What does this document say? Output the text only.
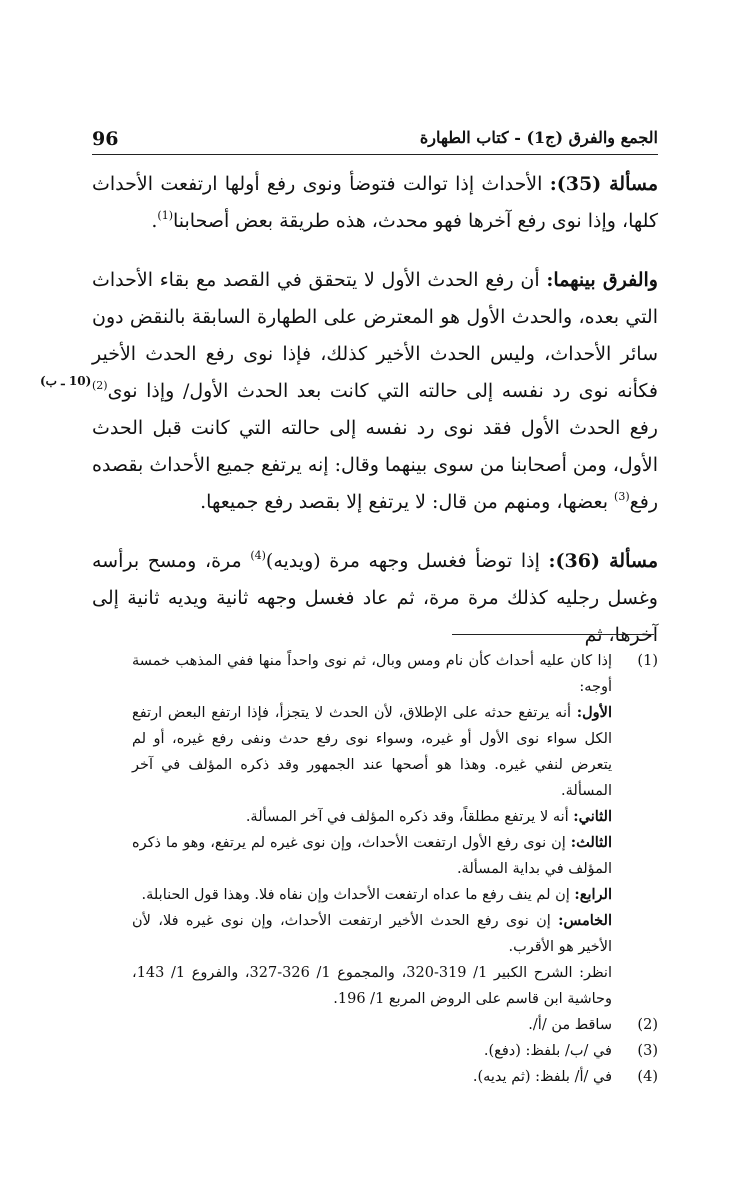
96	الجمع والفرق (ج1) - كتاب الطهارة
(10 ـ ب)

مسألة (35): الأحداث إذا توالت فتوضأ ونوى رفع أولها ارتفعت الأحداث كلها، وإذا نوى رفع آخرها فهو محدث، هذه طريقة بعض أصحابنا$^{(1)}$.

والفرق بينهما: أن رفع الحدث الأول لا يتحقق في القصد مع بقاء الأحداث التي بعده، والحدث الأول هو المعترض على الطهارة السابقة بالنقض دون سائر الأحداث، وليس الحدث الأخير كذلك، فإذا نوى رفع الحدث الأخير فكأنه نوى رد نفسه إلى حالته التي كانت بعد الحدث الأول/ وإذا نوى$^{(2)}$ رفع الحدث الأول فقد نوى رد نفسه إلى حالته التي كانت قبل الحدث الأول، ومن أصحابنا من سوى بينهما وقال: إنه يرتفع جميع الأحداث بقصده رفع$^{(3)}$ بعضها، ومنهم من قال: لا يرتفع إلا بقصد رفع جميعها.

مسألة (36): إذا توضأ فغسل وجهه مرة (ويديه)$^{(4)}$ مرة، ومسح برأسه وغسل رجليه كذلك مرة مرة، ثم عاد فغسل وجهه ثانية ويديه ثانية إلى آخرها، ثم

(1)

إذا كان عليه أحداث كأن نام ومس وبال، ثم نوى واحداً منها ففي المذهب خمسة أوجه:

الأول: أنه يرتفع حدثه على الإطلاق، لأن الحدث لا يتجزأ، فإذا ارتفع البعض ارتفع الكل سواء نوى الأول أو غيره، وسواء نوى رفع حدث ونفى رفع غيره، أو لم يتعرض لنفي غيره. وهذا هو أصحها عند الجمهور وقد ذكره المؤلف في آخر المسألة.

الثاني: أنه لا يرتفع مطلقاً، وقد ذكره المؤلف في آخر المسألة.

الثالث: إن نوى رفع الأول ارتفعت الأحداث، وإن نوى غيره لم يرتفع، وهو ما ذكره المؤلف في بداية المسألة.

الرابع: إن لم ينف رفع ما عداه ارتفعت الأحداث وإن نفاه فلا. وهذا قول الحنابلة.

الخامس: إن نوى رفع الحدث الأخير ارتفعت الأحداث، وإن نوى غيره فلا، لأن الأخير هو الأقرب.

انظر: الشرح الكبير 1/ 319-320، والمجموع 1/ 326-327، والفروع 1/ 143، وحاشية ابن قاسم على الروض المربع 1/ 196.

(2)
ساقط من /أ/.
(3)
في /ب/ بلفظ: (دفع).
(4)
في /أ/ بلفظ: (ثم يديه).
